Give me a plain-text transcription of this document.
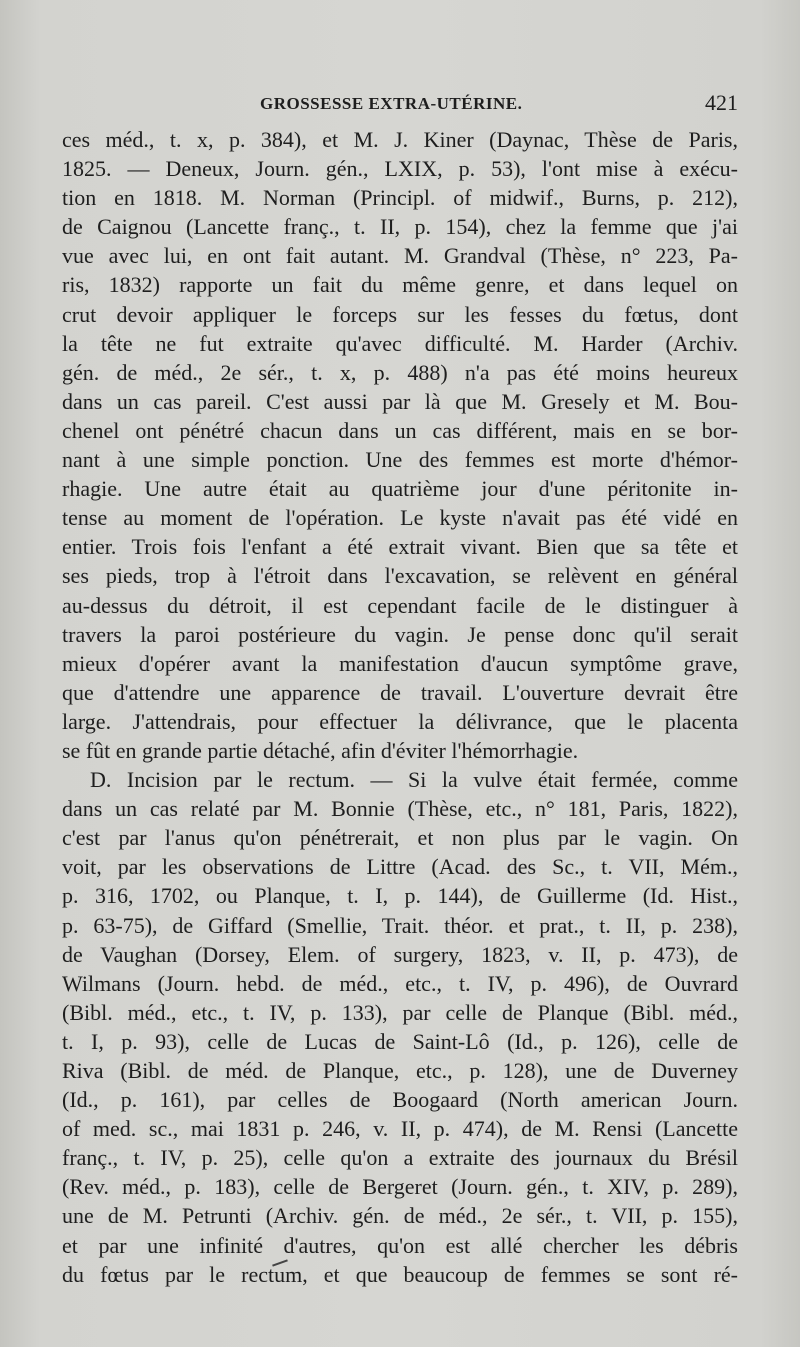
GROSSESSE EXTRA-UTÉRINE.	421
ces méd., t. x, p. 384), et M. J. Kiner (Daynac, Thèse de Paris,
1825. — Deneux, Journ. gén., LXIX, p. 53), l'ont mise à exécu-
tion en 1818. M. Norman (Principl. of midwif., Burns, p. 212),
de Caignou (Lancette franç., t. II, p. 154), chez la femme que j'ai
vue avec lui, en ont fait autant. M. Grandval (Thèse, n° 223, Pa-
ris, 1832) rapporte un fait du même genre, et dans lequel on
crut devoir appliquer le forceps sur les fesses du fœtus, dont
la tête ne fut extraite qu'avec difficulté. M. Harder (Archiv.
gén. de méd., 2e sér., t. x, p. 488) n'a pas été moins heureux
dans un cas pareil. C'est aussi par là que M. Gresely et M. Bou-
chenel ont pénétré chacun dans un cas différent, mais en se bor-
nant à une simple ponction. Une des femmes est morte d'hémor-
rhagie. Une autre était au quatrième jour d'une péritonite in-
tense au moment de l'opération. Le kyste n'avait pas été vidé en
entier. Trois fois l'enfant a été extrait vivant. Bien que sa tête et
ses pieds, trop à l'étroit dans l'excavation, se relèvent en général
au-dessus du détroit, il est cependant facile de le distinguer à
travers la paroi postérieure du vagin. Je pense donc qu'il serait
mieux d'opérer avant la manifestation d'aucun symptôme grave,
que d'attendre une apparence de travail. L'ouverture devrait être
large. J'attendrais, pour effectuer la délivrance, que le placenta
se fût en grande partie détaché, afin d'éviter l'hémorrhagie.
D. Incision par le rectum. — Si la vulve était fermée, comme
dans un cas relaté par M. Bonnie (Thèse, etc., n° 181, Paris, 1822),
c'est par l'anus qu'on pénétrerait, et non plus par le vagin. On
voit, par les observations de Littre (Acad. des Sc., t. VII, Mém.,
p. 316, 1702, ou Planque, t. I, p. 144), de Guillerme (Id. Hist.,
p. 63-75), de Giffard (Smellie, Trait. théor. et prat., t. II, p. 238),
de Vaughan (Dorsey, Elem. of surgery, 1823, v. II, p. 473), de
Wilmans (Journ. hebd. de méd., etc., t. IV, p. 496), de Ouvrard
(Bibl. méd., etc., t. IV, p. 133), par celle de Planque (Bibl. méd.,
t. I, p. 93), celle de Lucas de Saint-Lô (Id., p. 126), celle de
Riva (Bibl. de méd. de Planque, etc., p. 128), une de Duverney
(Id., p. 161), par celles de Boogaard (North american Journ.
of med. sc., mai 1831 p. 246, v. II, p. 474), de M. Rensi (Lancette
franç., t. IV, p. 25), celle qu'on a extraite des journaux du Brésil
(Rev. méd., p. 183), celle de Bergeret (Journ. gén., t. XIV, p. 289),
une de M. Petrunti (Archiv. gén. de méd., 2e sér., t. VII, p. 155),
et par une infinité d'autres, qu'on est allé chercher les débris
du fœtus par le rectum, et que beaucoup de femmes se sont ré-
